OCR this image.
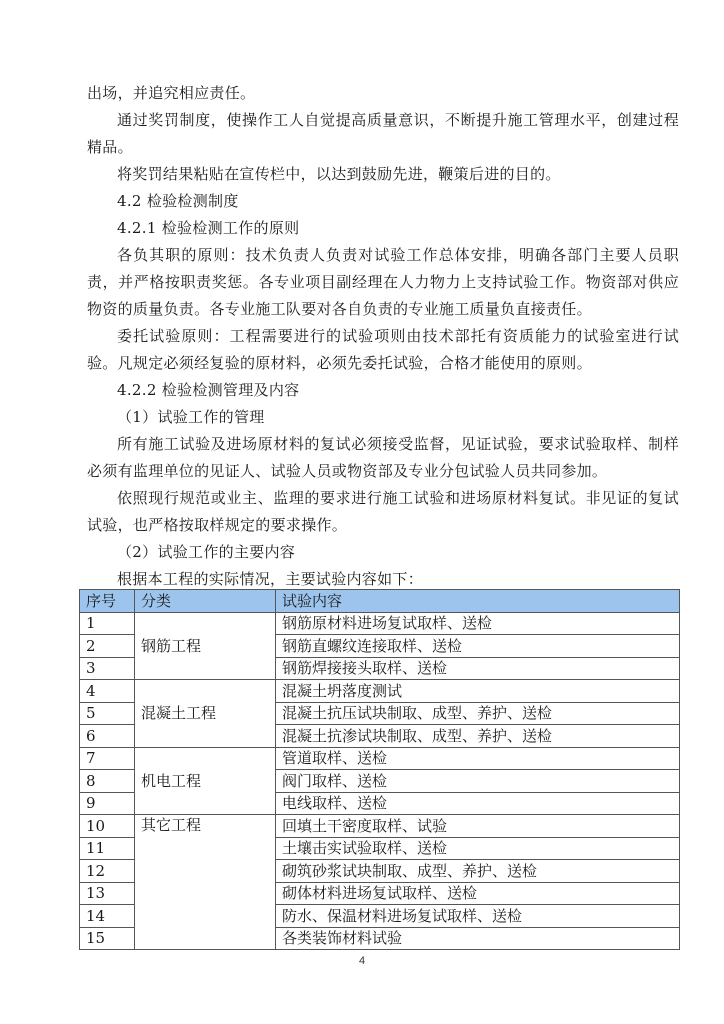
出场，并追究相应责任。

通过奖罚制度，使操作工人自觉提高质量意识，不断提升施工管理水平，创建过程精品。

将奖罚结果粘贴在宣传栏中，以达到鼓励先进，鞭策后进的目的。

4.2 检验检测制度

4.2.1 检验检测工作的原则

各负其职的原则：技术负责人负责对试验工作总体安排，明确各部门主要人员职责，并严格按职责奖惩。各专业项目副经理在人力物力上支持试验工作。物资部对供应物资的质量负责。各专业施工队要对各自负责的专业施工质量负直接责任。

委托试验原则：工程需要进行的试验项则由技术部托有资质能力的试验室进行试验。凡规定必须经复验的原材料，必须先委托试验，合格才能使用的原则。

4.2.2 检验检测管理及内容

（1）试验工作的管理

所有施工试验及进场原材料的复试必须接受监督，见证试验，要求试验取样、制样必须有监理单位的见证人、试验人员或物资部及专业分包试验人员共同参加。

依照现行规范或业主、监理的要求进行施工试验和进场原材料复试。非见证的复试试验，也严格按取样规定的要求操作。

（2）试验工作的主要内容

根据本工程的实际情况，主要试验内容如下：

序号	分类	试验内容
1	钢筋工程	钢筋原材料进场复试取样、送检
2		钢筋直螺纹连接取样、送检
3		钢筋焊接接头取样、送检
4	混凝土工程	混凝土坍落度测试
5		混凝土抗压试块制取、成型、养护、送检
6		混凝土抗渗试块制取、成型、养护、送检
7	机电工程	管道取样、送检
8		阀门取样、送检
9		电线取样、送检
10	其它工程	回填土干密度取样、试验
11		土壤击实试验取样、送检
12		砌筑砂浆试块制取、成型、养护、送检
13		砌体材料进场复试取样、送检
14		防水、保温材料进场复试取样、送检
15		各类装饰材料试验
4
